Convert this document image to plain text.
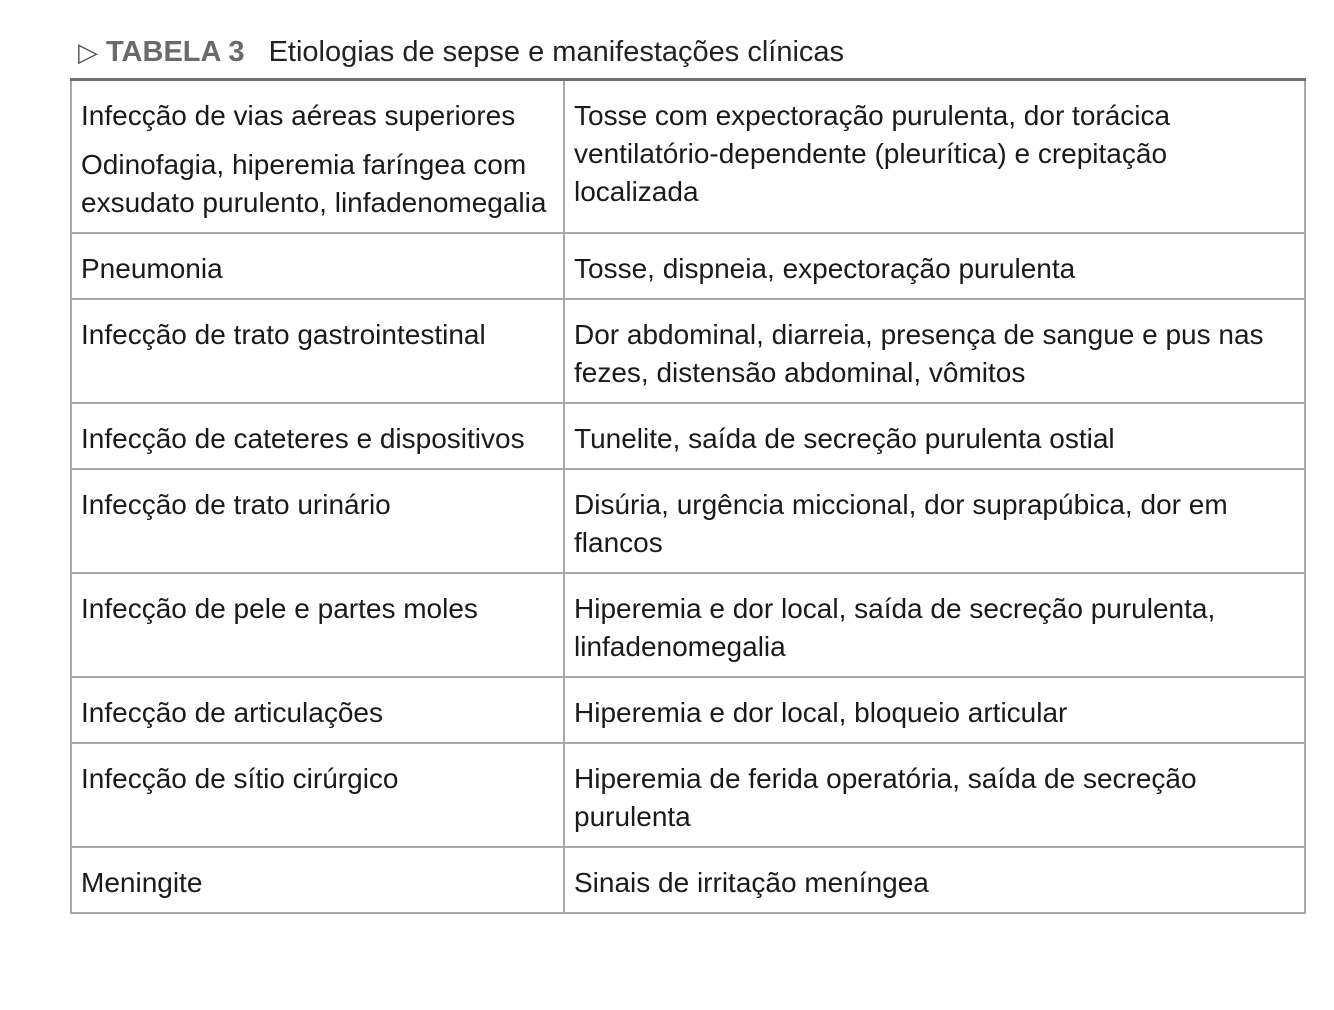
▷ TABELA 3 Etiologias de sepse e manifestações clínicas
Infecção de vias aéreas superiores
Odinofagia, hiperemia faríngea com exsudato purulento, linfadenomegalia	Tosse com expectoração purulenta, dor torácica ventilatório-dependente (pleurítica) e crepitação localizada
Pneumonia	Tosse, dispneia, expectoração purulenta
Infecção de trato gastrointestinal	Dor abdominal, diarreia, presença de sangue e pus nas fezes, distensão abdominal, vômitos
Infecção de cateteres e dispositivos	Tunelite, saída de secreção purulenta ostial
Infecção de trato urinário	Disúria, urgência miccional, dor suprapúbica, dor em flancos
Infecção de pele e partes moles	Hiperemia e dor local, saída de secreção purulenta, linfadenomegalia
Infecção de articulações	Hiperemia e dor local, bloqueio articular
Infecção de sítio cirúrgico	Hiperemia de ferida operatória, saída de secreção purulenta
Meningite	Sinais de irritação meníngea
